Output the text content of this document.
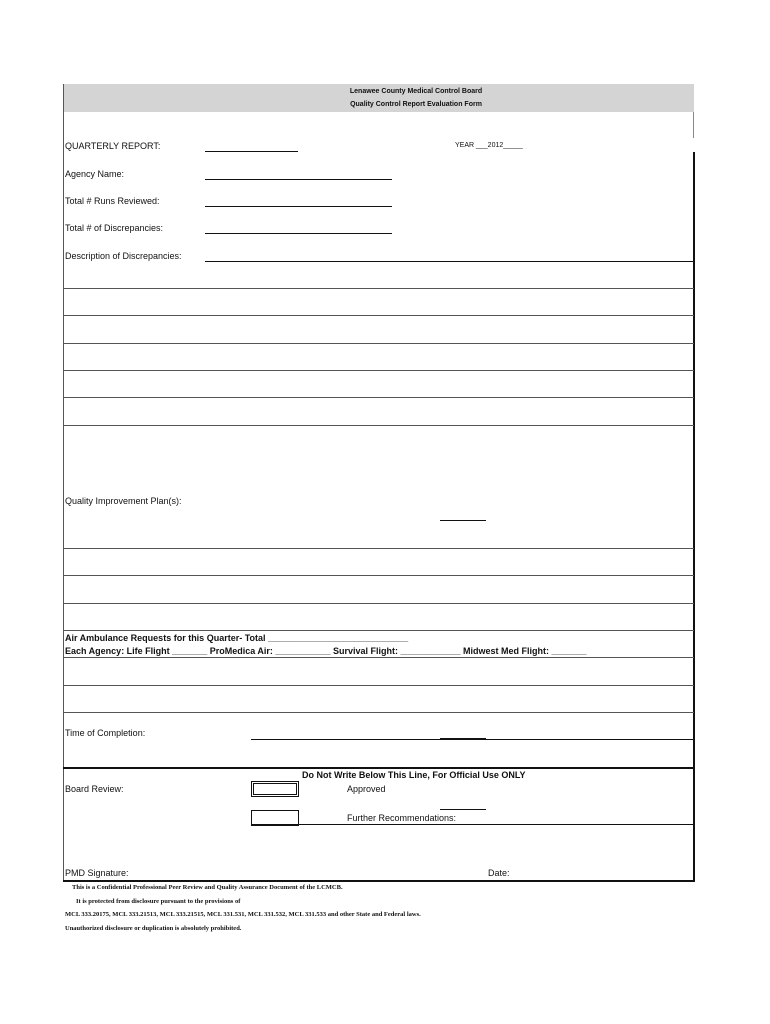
Lenawee County Medical Control Board
Quality Control Report Evaluation Form
QUARTERLY REPORT:	YEAR ___2012_____
Agency Name:
Total # Runs Reviewed:
Total # of Discrepancies:
Description of Discrepancies:
Quality Improvement Plan(s):
Air Ambulance Requests for this Quarter- Total ____________________________
Each Agency: Life Flight _______ ProMedica Air: ___________ Survival Flight: ____________ Midwest Med Flight: _______
Time of Completion:
Do Not Write Below This Line, For Official Use ONLY
Board Review:	Approved
Further Recommendations:
PMD Signature:	Date:
This is a Confidential Professional Peer Review and Quality Assurance Document of the LCMCB.
It is protected from disclosure pursuant to the provisions of
MCL 333.20175, MCL 333.21513, MCL 333.21515, MCL 331.531, MCL 331.532, MCL 331.533 and other State and Federal laws.
Unauthorized disclosure or duplication is absolutely prohibited.
